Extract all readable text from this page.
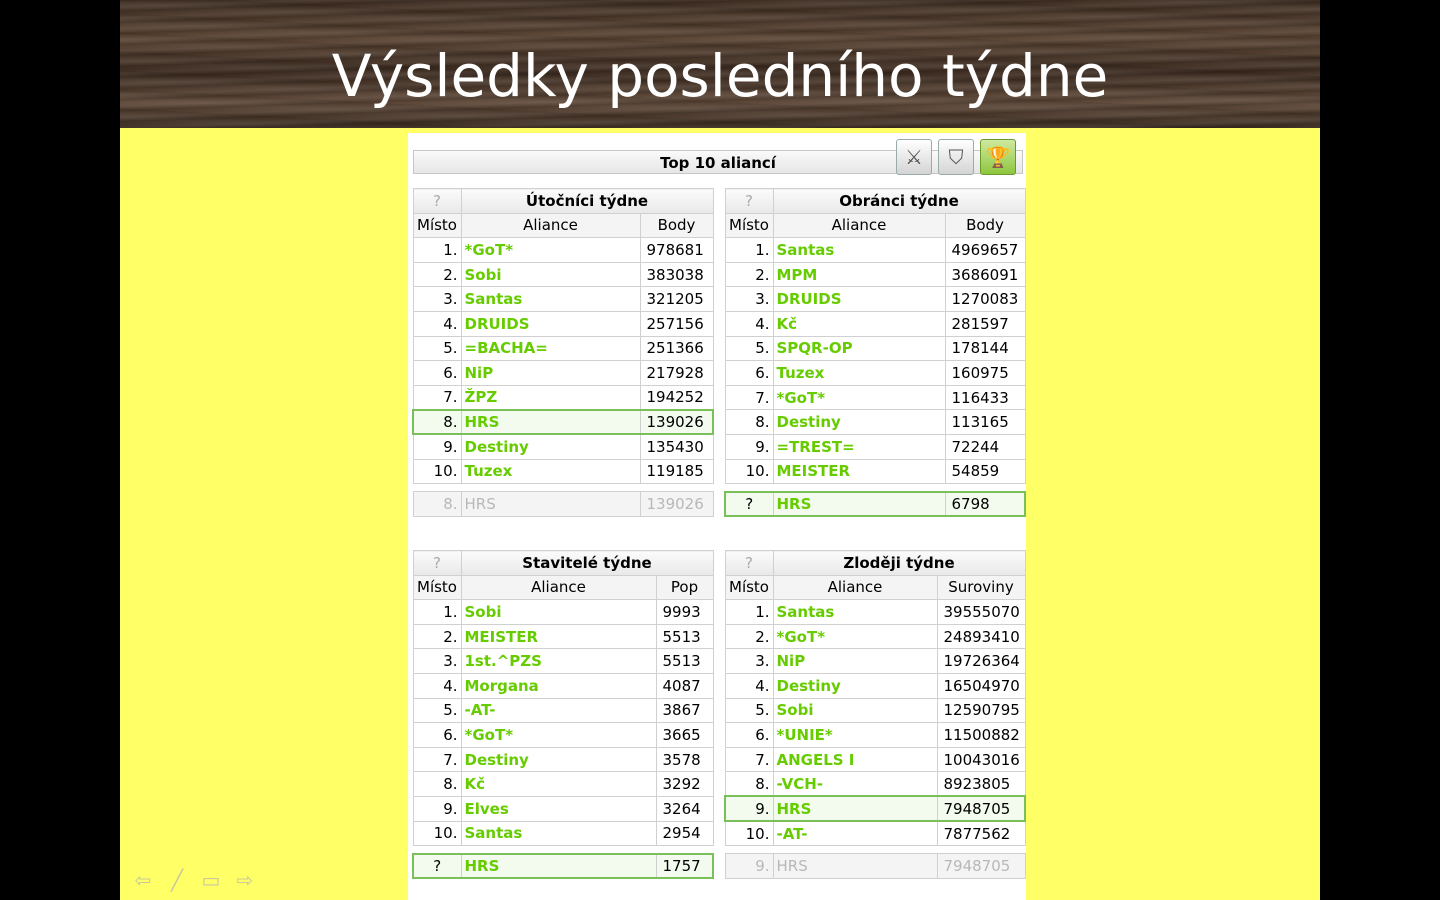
Výsledky posledního týdne
Top 10 aliancí	⚔	⛉	🏆
?	Útočníci týdne	
Místo	Aliance	Body
1.	*GoT*	978681
2.	Sobi	383038
3.	Santas	321205
4.	DRUIDS	257156
5.	=BACHA=	251366
6.	NiP	217928
7.	ŽPZ	194252
8.	HRS	139026
9.	Destiny	135430
10.	Tuzex	119185

8.	HRS	139026
?	Obránci týdne	
Místo	Aliance	Body
1.	Santas	4969657
2.	MPM	3686091
3.	DRUIDS	1270083
4.	Kč	281597
5.	SPQR-OP	178144
6.	Tuzex	160975
7.	*GoT*	116433
8.	Destiny	113165
9.	=TREST=	72244
10.	MEISTER	54859

?	HRS	6798
?	Stavitelé týdne	
Místo	Aliance	Pop
1.	Sobi	9993
2.	MEISTER	5513
3.	1st.^PZS	5513
4.	Morgana	4087
5.	-AT-	3867
6.	*GoT*	3665
7.	Destiny	3578
8.	Kč	3292
9.	Elves	3264
10.	Santas	2954

?	HRS	1757
?	Zloději týdne	
Místo	Aliance	Suroviny
1.	Santas	39555070
2.	*GoT*	24893410
3.	NiP	19726364
4.	Destiny	16504970
5.	Sobi	12590795
6.	*UNIE*	11500882
7.	ANGELS I	10043016
8.	-VCH-	8923805
9.	HRS	7948705
10.	-AT-	7877562

9.	HRS	7948705
⇦ ╱ ▭ ⇨
